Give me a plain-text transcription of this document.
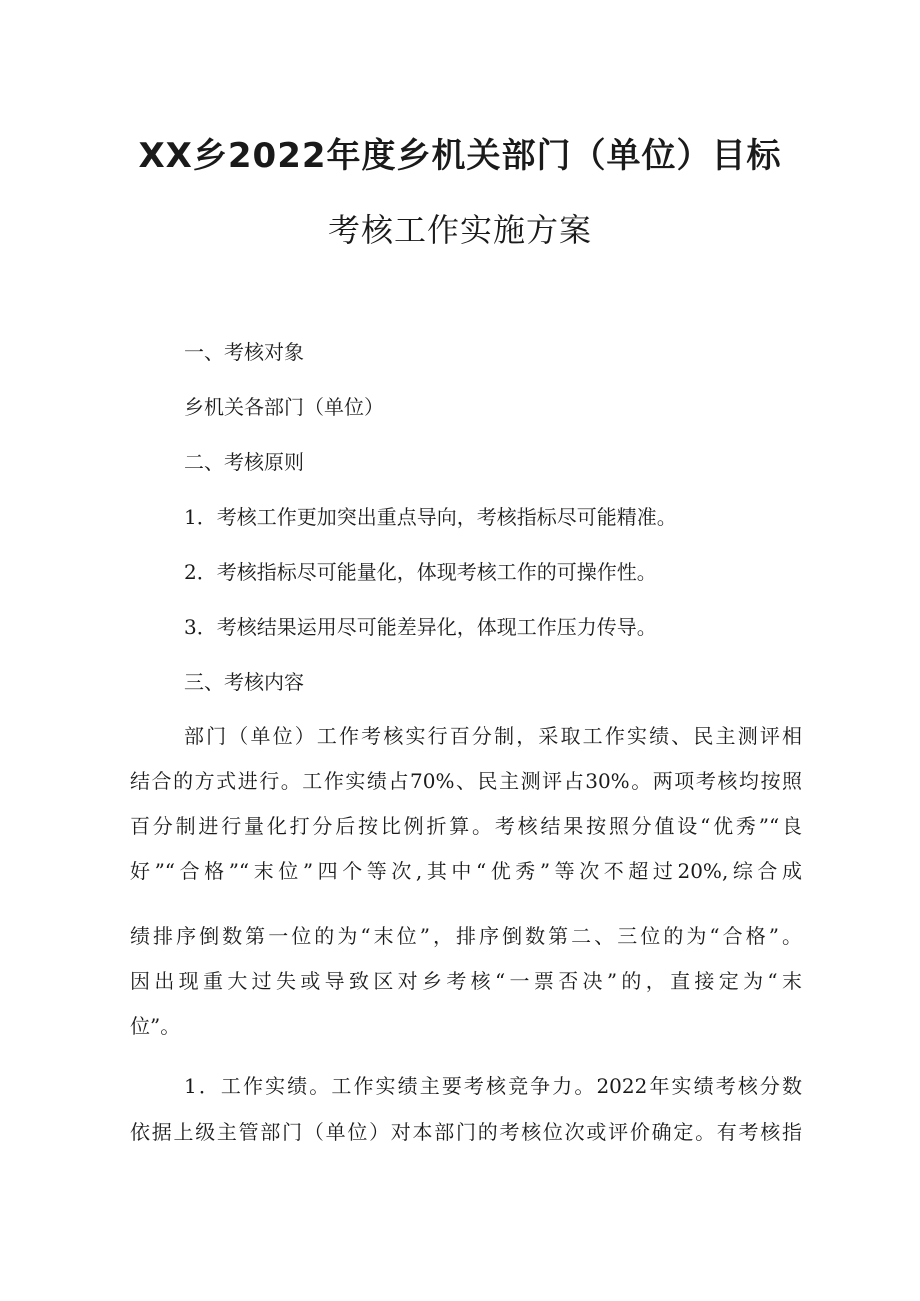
XX乡2022年度乡机关部门（单位）目标
考核工作实施方案

一、考核对象

乡机关各部门（单位）

二、考核原则

1．考核工作更加突出重点导向，考核指标尽可能精准。

2．考核指标尽可能量化，体现考核工作的可操作性。

3．考核结果运用尽可能差异化，体现工作压力传导。

三、考核内容

部门（单位）工作考核实行百分制，采取工作实绩、民主测评相

结合的方式进行。工作实绩占70%、民主测评占30%。两项考核均按照

百分制进行量化打分后按比例折算。考核结果按照分值设“优秀”“良

好”“合格”“末位”四个等次,其中“优秀”等次不超过20%,综合成

绩排序倒数第一位的为“末位”，排序倒数第二、三位的为“合格”。

因出现重大过失或导致区对乡考核“一票否决”的，直接定为“末

位”。

1．工作实绩。工作实绩主要考核竞争力。2022年实绩考核分数

依据上级主管部门（单位）对本部门的考核位次或评价确定。有考核指
